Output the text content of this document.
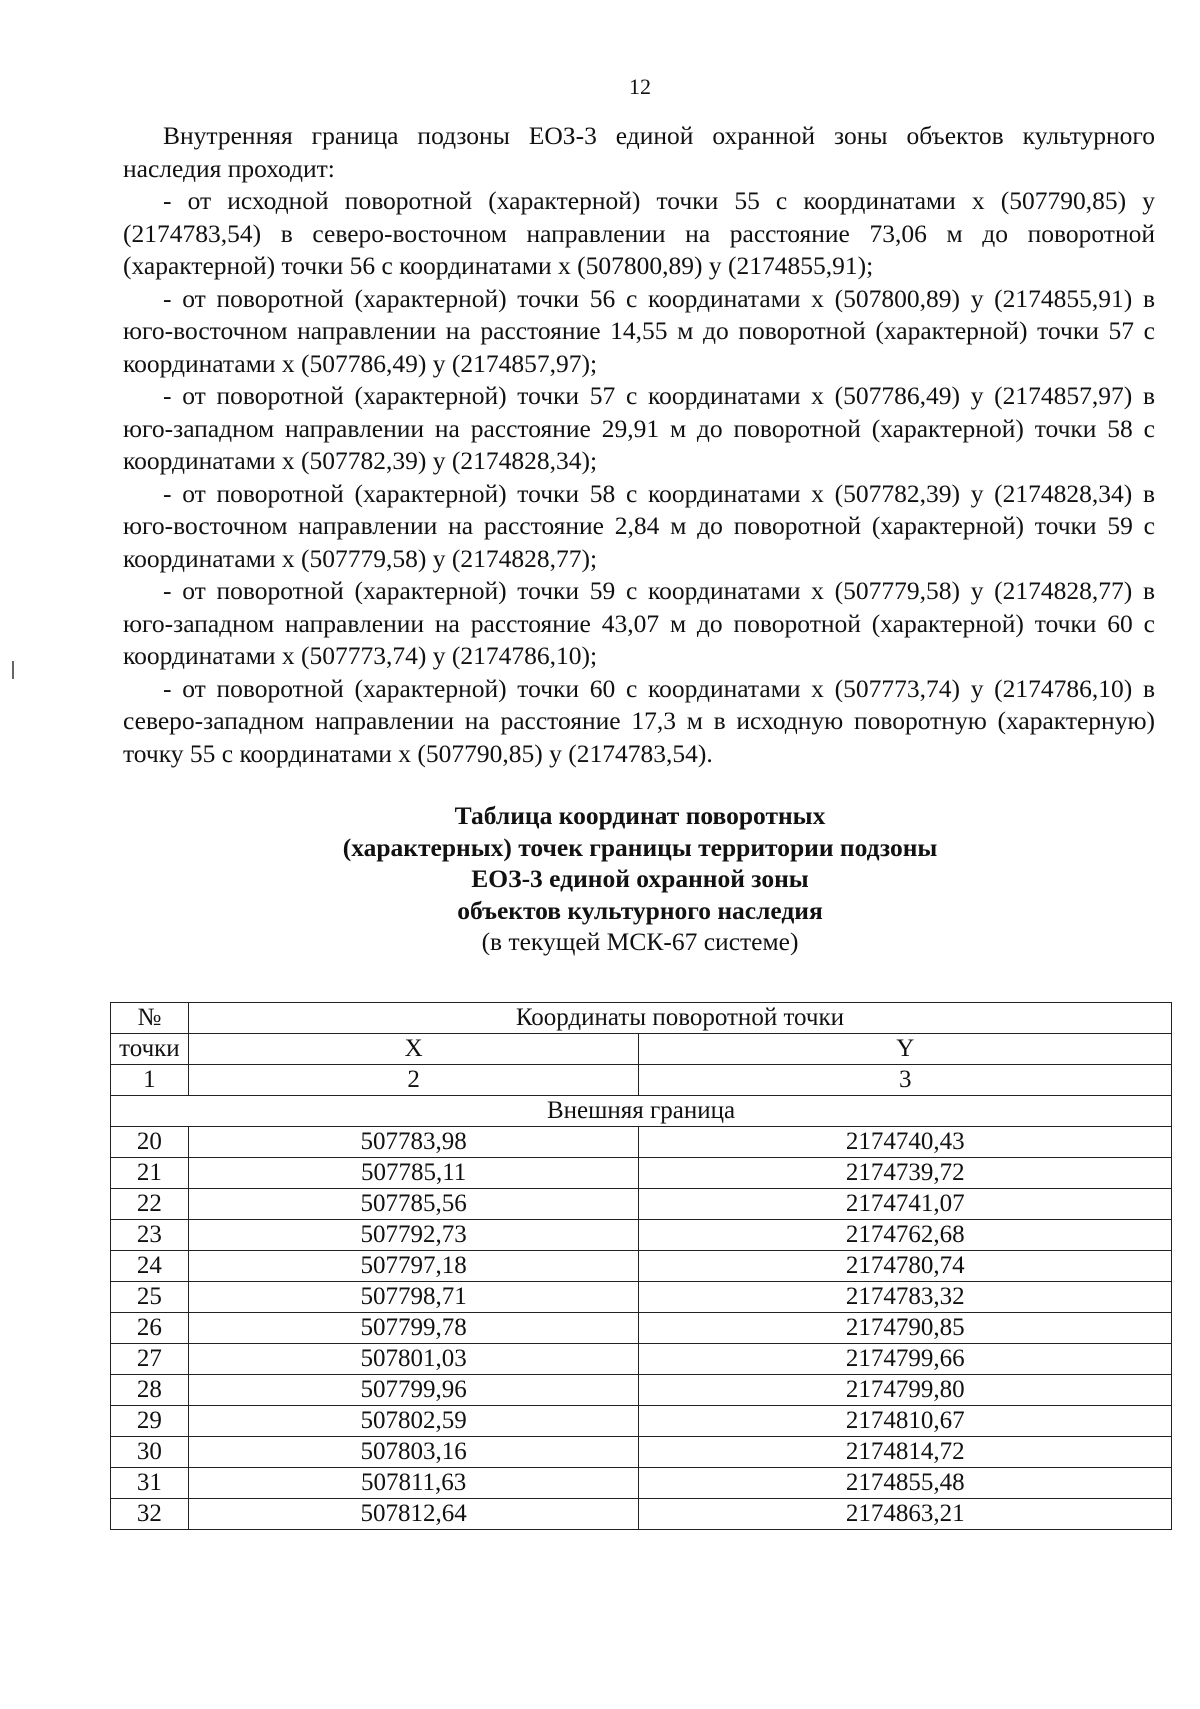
12

Внутренняя граница подзоны ЕОЗ-3 единой охранной зоны объектов культурного наследия проходит:

- от исходной поворотной (характерной) точки 55 с координатами х (507790,85) у (2174783,54) в северо-восточном направлении на расстояние 73,06 м до поворотной (характерной) точки 56 с координатами х (507800,89) у (2174855,91);

- от поворотной (характерной) точки 56 с координатами х (507800,89) у (2174855,91) в юго-восточном направлении на расстояние 14,55 м до поворотной (характерной) точки 57 с координатами х (507786,49) у (2174857,97);

- от поворотной (характерной) точки 57 с координатами х (507786,49) у (2174857,97) в юго-западном направлении на расстояние 29,91 м до поворотной (характерной) точки 58 с координатами х (507782,39) у (2174828,34);

- от поворотной (характерной) точки 58 с координатами х (507782,39) у (2174828,34) в юго-восточном направлении на расстояние 2,84 м до поворотной (характерной) точки 59 с координатами х (507779,58) у (2174828,77);

- от поворотной (характерной) точки 59 с координатами х (507779,58) у (2174828,77) в юго-западном направлении на расстояние 43,07 м до поворотной (характерной) точки 60 с координатами х (507773,74) у (2174786,10);

- от поворотной (характерной) точки 60 с координатами х (507773,74) у (2174786,10) в северо-западном направлении на расстояние 17,3 м в исходную поворотную (характерную) точку 55 с координатами х (507790,85) у (2174783,54).

Таблица координат поворотных
(характерных) точек границы территории подзоны
ЕОЗ-3 единой охранной зоны
объектов культурного наследия
(в текущей МСК-67 системе)
№	Координаты поворотной точки	
точки	X	Y
1	2	3
Внешняя граница		
20	507783,98	2174740,43
21	507785,11	2174739,72
22	507785,56	2174741,07
23	507792,73	2174762,68
24	507797,18	2174780,74
25	507798,71	2174783,32
26	507799,78	2174790,85
27	507801,03	2174799,66
28	507799,96	2174799,80
29	507802,59	2174810,67
30	507803,16	2174814,72
31	507811,63	2174855,48
32	507812,64	2174863,21
